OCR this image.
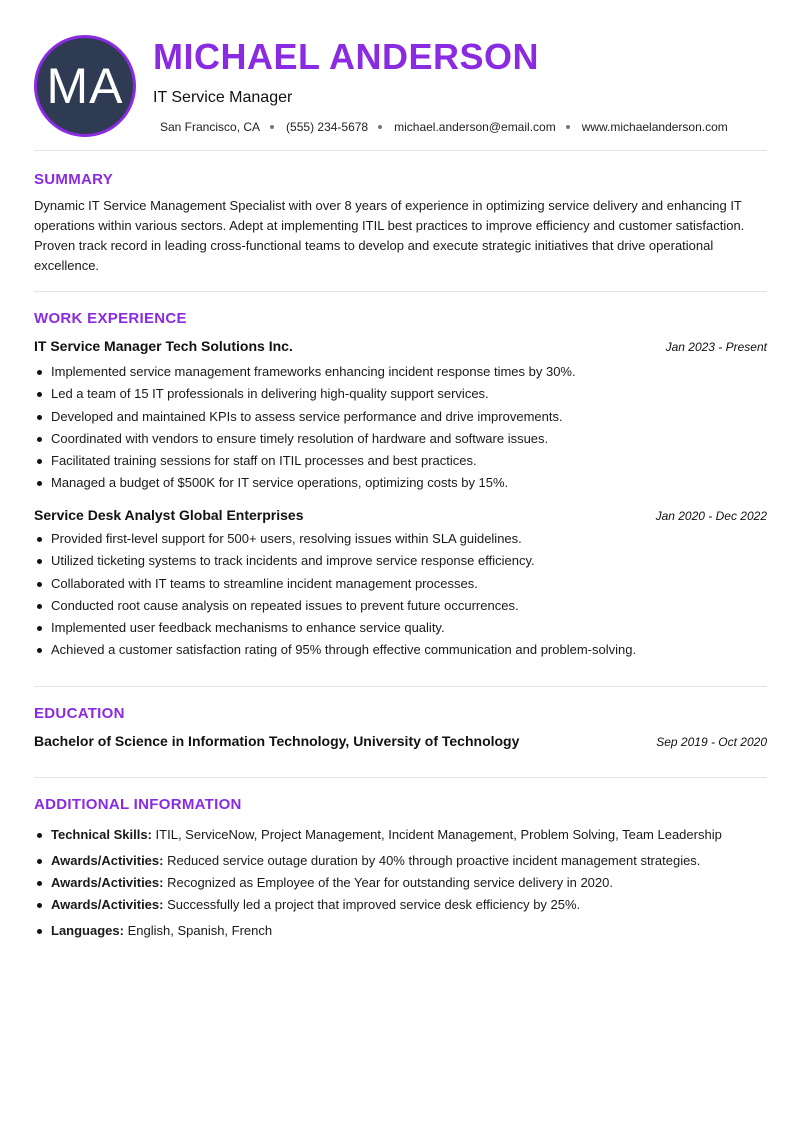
MA
MICHAEL ANDERSON
IT Service Manager
San Francisco, CA (555) 234-5678 michael.anderson@email.com www.michaelanderson.com
SUMMARY

Dynamic IT Service Management Specialist with over 8 years of experience in optimizing service delivery and enhancing IT operations within various sectors. Adept at implementing ITIL best practices to improve efficiency and customer satisfaction. Proven track record in leading cross-functional teams to develop and execute strategic initiatives that drive operational excellence.

WORK EXPERIENCE
IT Service Manager Tech Solutions Inc.	Jan 2023 - Present
Implemented service management frameworks enhancing incident response times by 30%.
Led a team of 15 IT professionals in delivering high-quality support services.
Developed and maintained KPIs to assess service performance and drive improvements.
Coordinated with vendors to ensure timely resolution of hardware and software issues.
Facilitated training sessions for staff on ITIL processes and best practices.
Managed a budget of $500K for IT service operations, optimizing costs by 15%.
Service Desk Analyst Global Enterprises	Jan 2020 - Dec 2022
Provided first-level support for 500+ users, resolving issues within SLA guidelines.
Utilized ticketing systems to track incidents and improve service response efficiency.
Collaborated with IT teams to streamline incident management processes.
Conducted root cause analysis on repeated issues to prevent future occurrences.
Implemented user feedback mechanisms to enhance service quality.
Achieved a customer satisfaction rating of 95% through effective communication and problem-solving.
EDUCATION
Bachelor of Science in Information Technology, University of Technology	Sep 2019 - Oct 2020
ADDITIONAL INFORMATION
Technical Skills: ITIL, ServiceNow, Project Management, Incident Management, Problem Solving, Team Leadership
Awards/Activities: Reduced service outage duration by 40% through proactive incident management strategies.
Awards/Activities: Recognized as Employee of the Year for outstanding service delivery in 2020.
Awards/Activities: Successfully led a project that improved service desk efficiency by 25%.
Languages: English, Spanish, French
